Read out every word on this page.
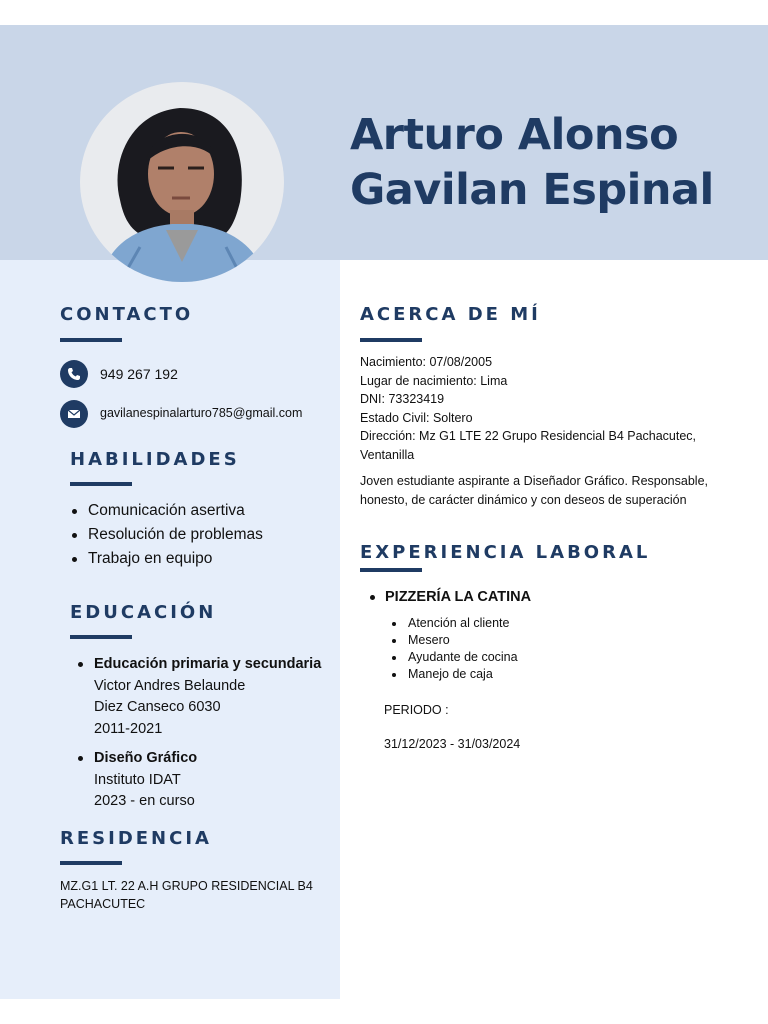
Arturo Alonso
Gavilan Espinal
CONTACTO
949 267 192
gavilanespinalarturo785@gmail.com
HABILIDADES
Comunicación asertiva
Resolución de problemas
Trabajo en equipo
EDUCACIÓN
Educación primaria y secundaria
Victor Andres Belaunde
Diez Canseco 6030
2011-2021
Diseño Gráfico
Instituto IDAT
2023 - en curso
RESIDENCIA
MZ.G1 LT. 22 A.H GRUPO RESIDENCIAL B4 PACHACUTEC
ACERCA DE MÍ
Nacimiento: 07/08/2005
Lugar de nacimiento: Lima
DNI: 73323419
Estado Civil: Soltero
Dirección: Mz G1 LTE 22 Grupo Residencial B4 Pachacutec, Ventanilla
Joven estudiante aspirante a Diseñador Gráfico. Responsable, honesto, de carácter dinámico y con deseos de superación
EXPERIENCIA LABORAL
PIZZERÍA LA CATINA
Atención al cliente
Mesero
Ayudante de cocina
Manejo de caja
PERIODO :
31/12/2023 - 31/03/2024
